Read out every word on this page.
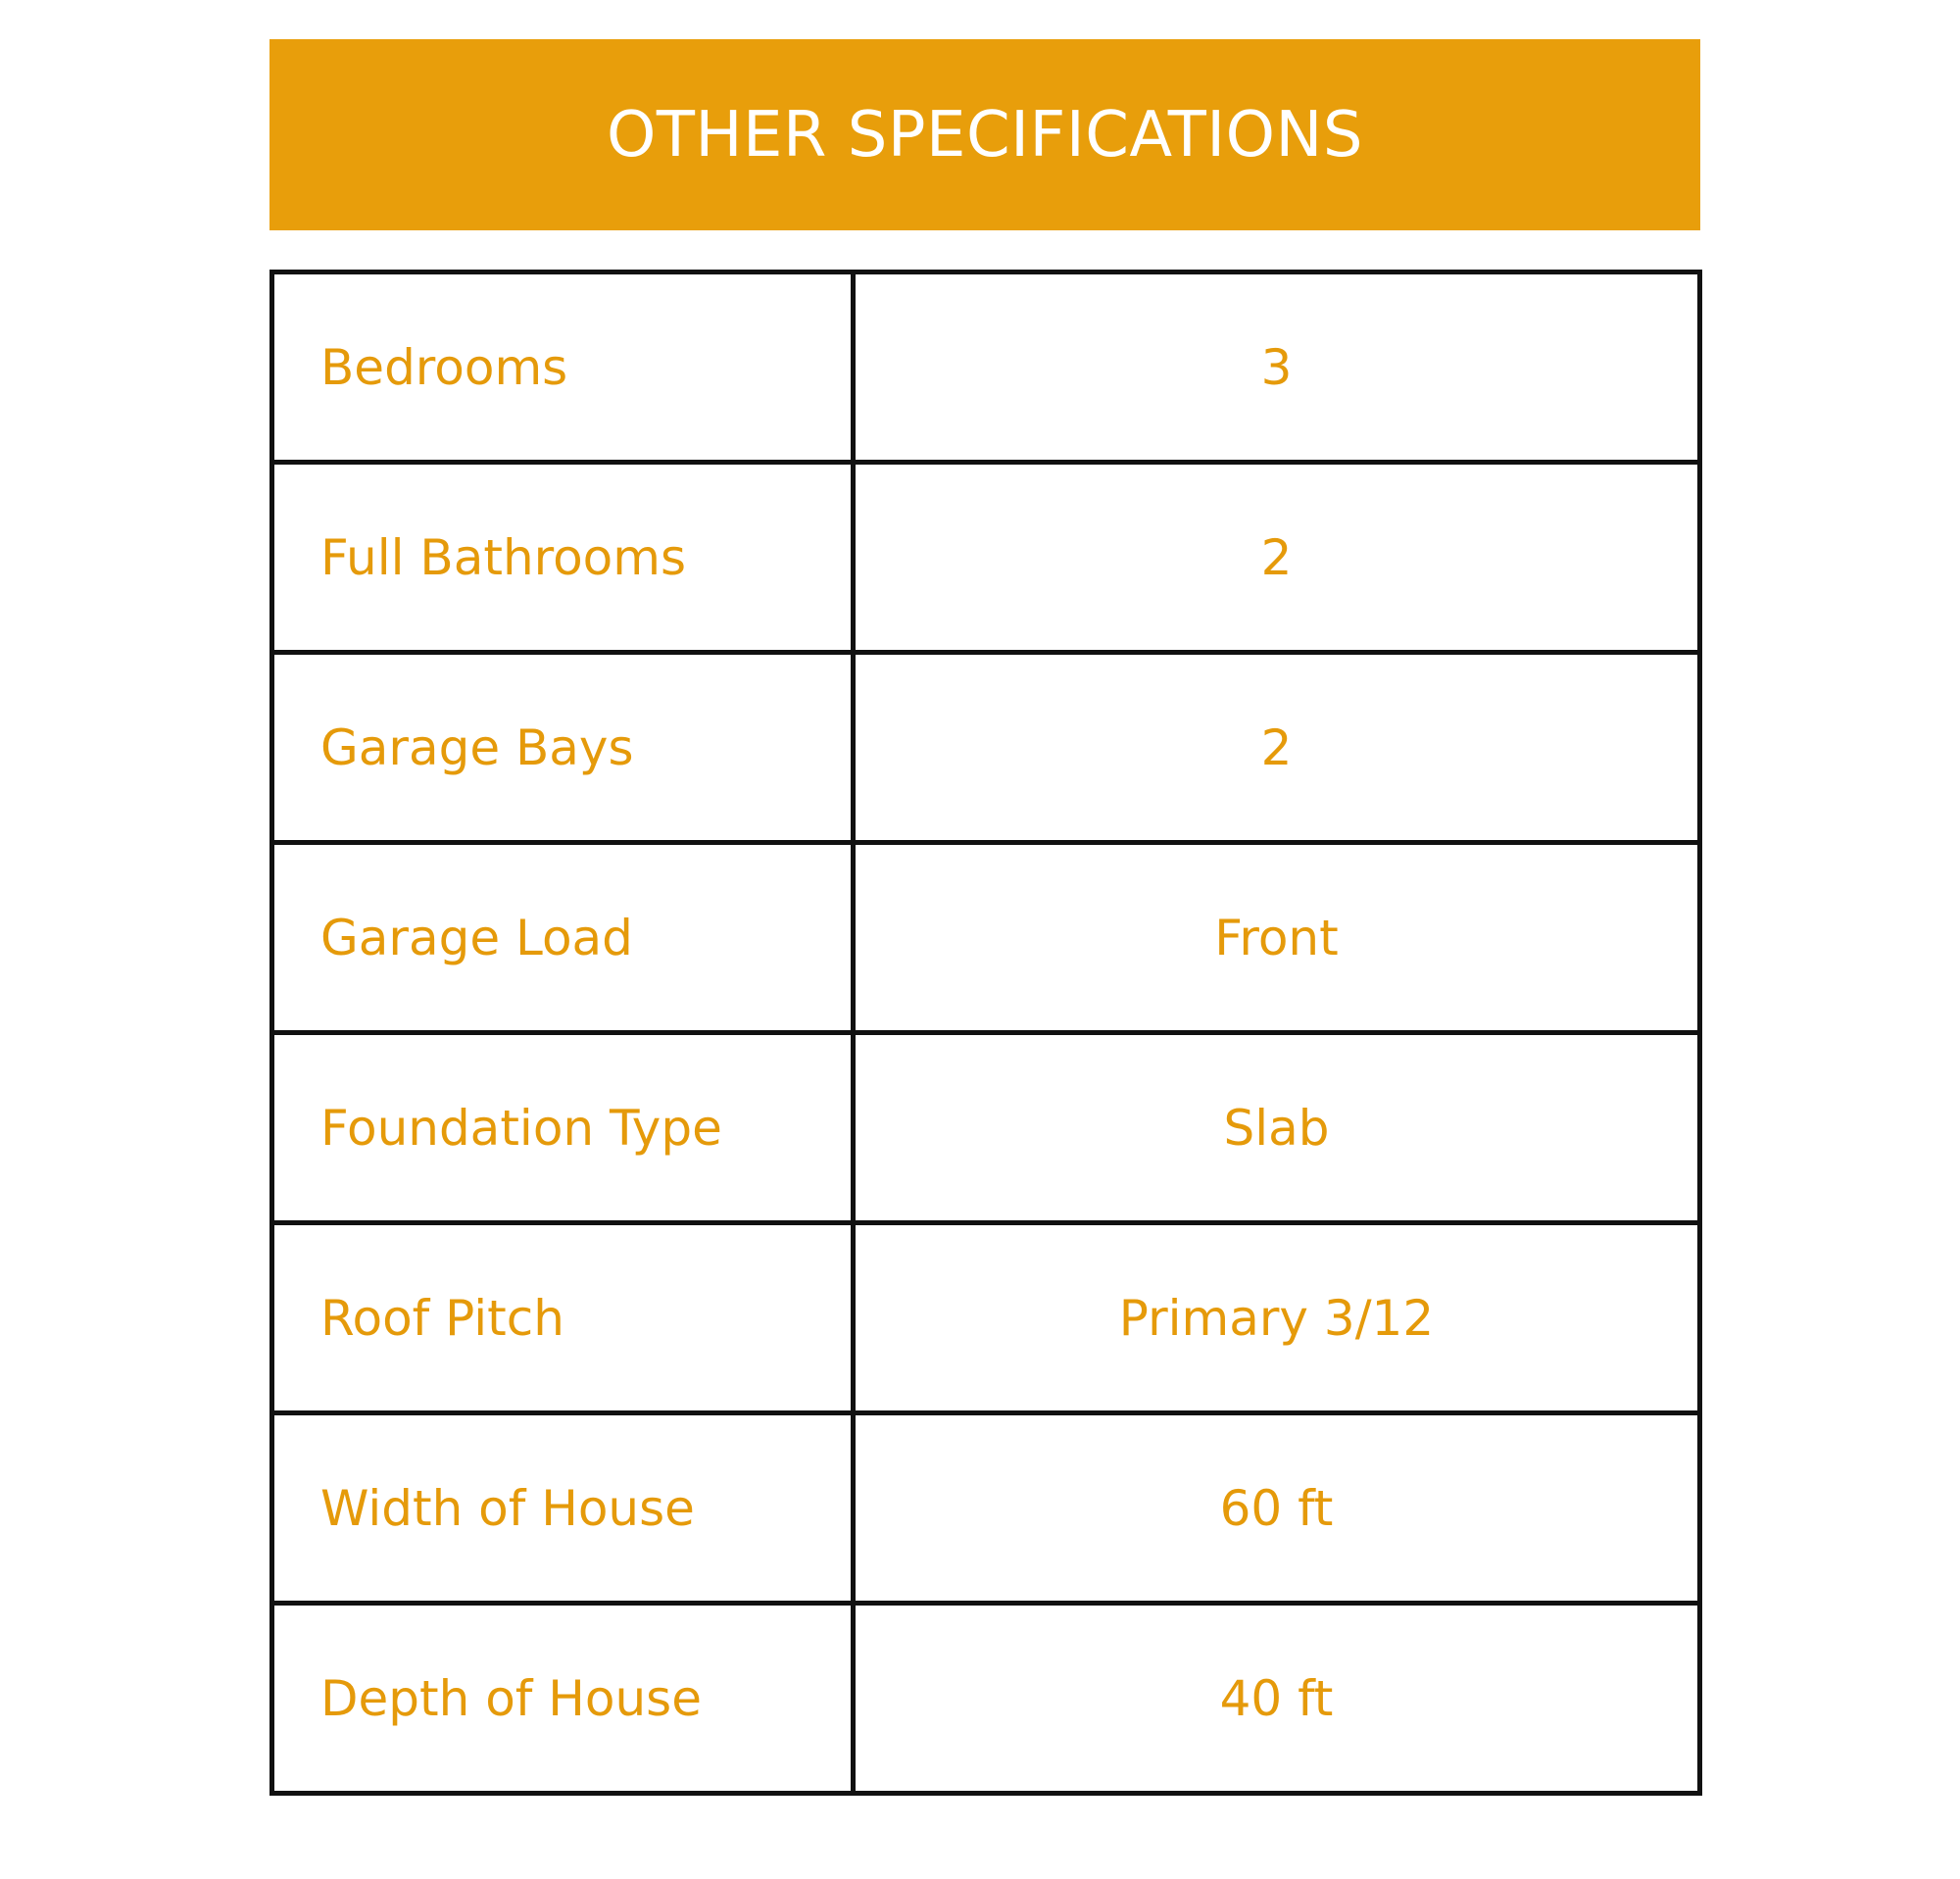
OTHER SPECIFICATIONS
Bedrooms	3
Full Bathrooms	2
Garage Bays	2
Garage Load	Front
Foundation Type	Slab
Roof Pitch	Primary 3/12
Width of House	60 ft
Depth of House	40 ft
